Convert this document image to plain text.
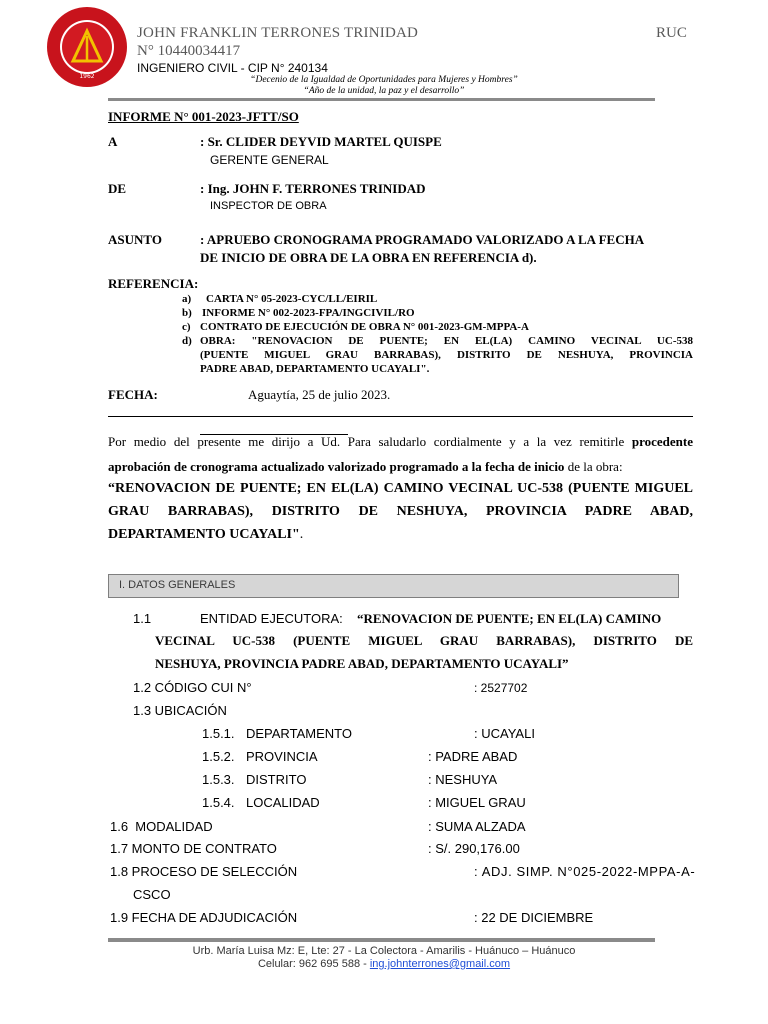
1962
JOHN FRANKLIN TERRONES TRINIDAD	RUC
N° 10440034417
INGENIERO CIVIL - CIP N° 240134
“Decenio de la Igualdad de Oportunidades para Mujeres y Hombres”
“Año de la unidad, la paz y el desarrollo”
INFORME N° 001-2023-JFTT/SO
A	: Sr. CLIDER DEYVID MARTEL QUISPE
GERENTE GENERAL
DE	: Ing. JOHN F. TERRONES TRINIDAD
INSPECTOR DE OBRA
ASUNTO	: APRUEBO CRONOGRAMA PROGRAMADO VALORIZADO A LA FECHA
DE INICIO DE OBRA DE LA OBRA EN REFERENCIA d).
REFERENCIA:
a) CARTA N° 05-2023-CYC/LL/EIRIL
b) INFORME N° 002-2023-FPA/INGCIVIL/RO
c) CONTRATO DE EJECUCIÓN DE OBRA N° 001-2023-GM-MPPA-A
d) OBRA: "RENOVACION DE PUENTE; EN EL(LA) CAMINO VECINAL UC-538
(PUENTE MIGUEL GRAU BARRABAS), DISTRITO DE NESHUYA, PROVINCIA
PADRE ABAD, DEPARTAMENTO UCAYALI".
FECHA:	Aguaytía, 25 de julio 2023.
Por medio del presente me dirijo a Ud. Para saludarlo cordialmente y a la vez remitirle procedente
aprobación de cronograma actualizado valorizado programado a la fecha de inicio de la obra:
“RENOVACION DE PUENTE; EN EL(LA) CAMINO VECINAL UC-538 (PUENTE MIGUEL
GRAU BARRABAS), DISTRITO DE NESHUYA, PROVINCIA PADRE ABAD,
DEPARTAMENTO UCAYALI".
I. DATOS GENERALES
1.1	ENTIDAD EJECUTORA: “RENOVACION DE PUENTE; EN EL(LA) CAMINO
VECINAL UC-538 (PUENTE MIGUEL GRAU BARRABAS), DISTRITO DE
NESHUYA, PROVINCIA PADRE ABAD, DEPARTAMENTO UCAYALI”
1.2 CÓDIGO CUI N°	: 2527702
1.3 UBICACIÓN
1.5.1. DEPARTAMENTO	: UCAYALI
1.5.2. PROVINCIA	: PADRE ABAD
1.5.3. DISTRITO	: NESHUYA
1.5.4. LOCALIDAD	: MIGUEL GRAU
1.6  MODALIDAD	: SUMA ALZADA
1.7 MONTO DE CONTRATO	: S/. 290,176.00
1.8 PROCESO DE SELECCIÓN	: ADJ. SIMP. N°025-2022-MPPA-A-
CSCO
1.9 FECHA DE ADJUDICACIÓN	: 22 DE DICIEMBRE
Urb. María Luisa Mz: E, Lte: 27 - La Colectora - Amarilis - Huánuco – Huánuco
Celular: 962 695 588 - ing.johnterrones@gmail.com
